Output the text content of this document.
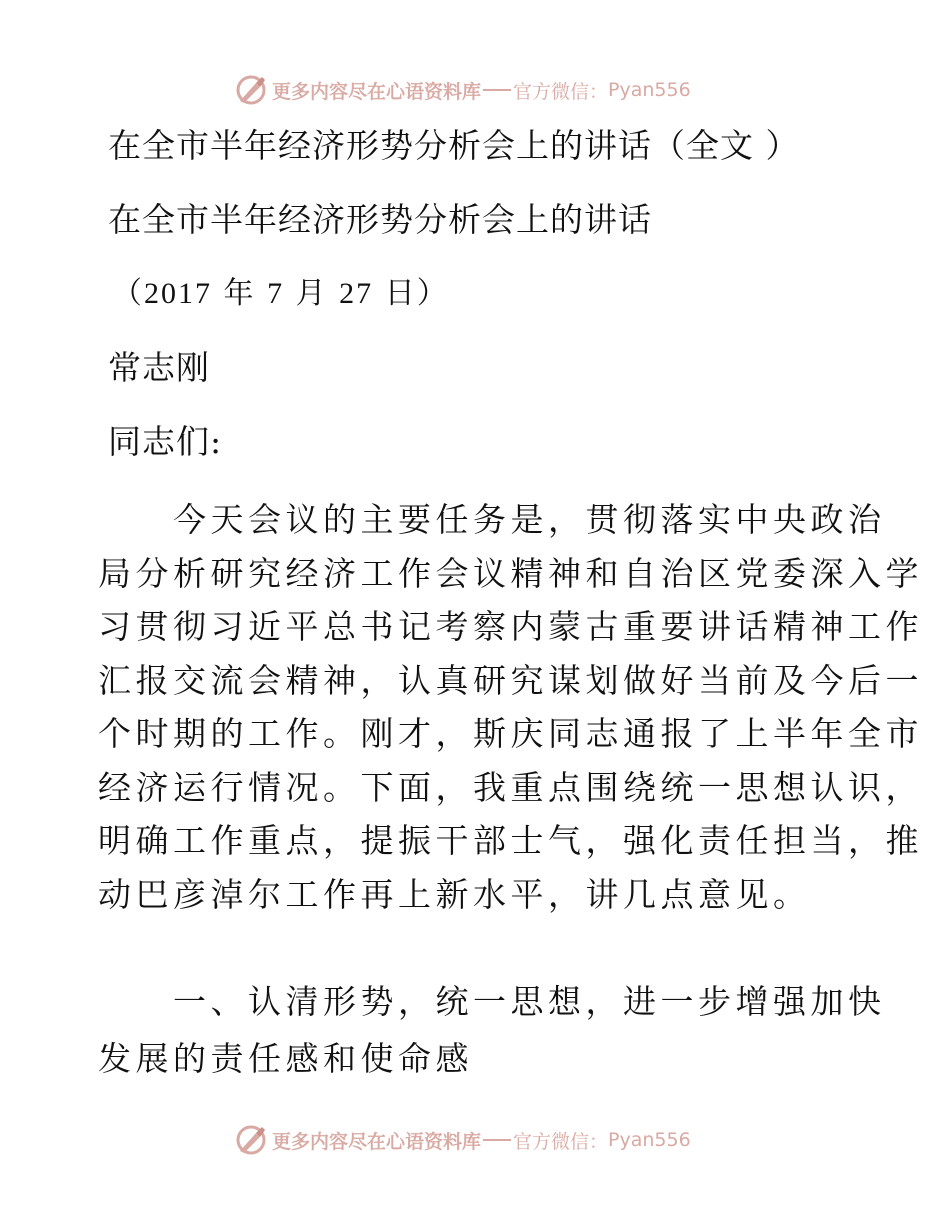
更多内容尽在心语资料库 官方微信： Pyan556
在全市半年经济形势分析会上的讲话（全文 ）
在全市半年经济形势分析会上的讲话
（2017 年 7 月 27 日）
常志刚
同志们:
　　今天会议的主要任务是，贯彻落实中央政治
局分析研究经济工作会议精神和自治区党委深入学
习贯彻习近平总书记考察内蒙古重要讲话精神工作
汇报交流会精神，认真研究谋划做好当前及今后一
个时期的工作。刚才，斯庆同志通报了上半年全市
经济运行情况。下面，我重点围绕统一思想认识，
明确工作重点，提振干部士气，强化责任担当，推
动巴彦淖尔工作再上新水平，讲几点意见。
　　一、认清形势，统一思想，进一步增强加快
发展的责任感和使命感
更多内容尽在心语资料库 官方微信： Pyan556
